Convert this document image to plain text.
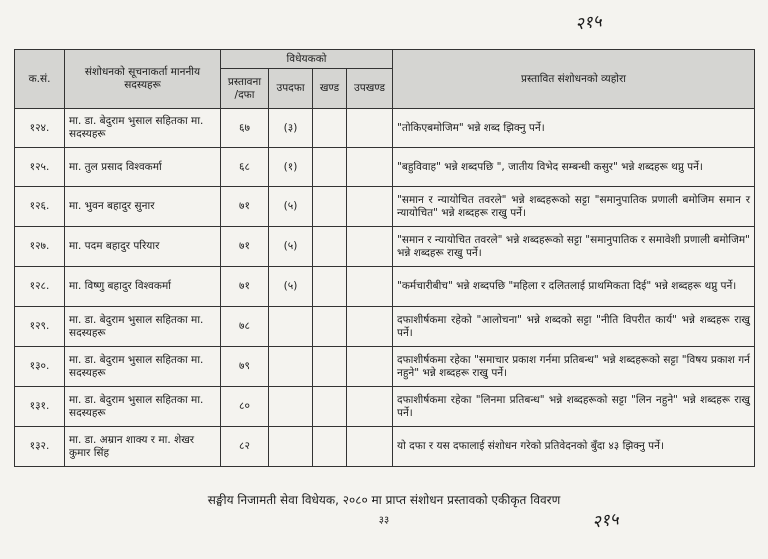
२१५
क.सं.	संशोधनको सूचनाकर्ता माननीय सदस्यहरू	विधेयकको				प्रस्तावित संशोधनको व्यहोरा
		प्रस्तावना /दफा	उपदफा	खण्ड	उपखण्ड	
१२४.	मा. डा. बेदुराम भुसाल सहितका मा. सदस्यहरू	६७	(३)			"तोकिएबमोजिम" भन्ने शब्द झिक्नु पर्ने।
१२५.	मा. तुल प्रसाद विश्वकर्मा	६८	(१)			"बहुविवाह" भन्ने शब्दपछि ", जातीय विभेद सम्बन्धी कसुर" भन्ने शब्दहरू थप्नु पर्ने।
१२६.	मा. भुवन बहादुर सुनार	७१	(५)			"समान र न्यायोचित तवरले" भन्ने शब्दहरूको सट्टा "समानुपातिक प्रणाली बमोजिम समान र न्यायोचित" भन्ने शब्दहरू राखु पर्ने।
१२७.	मा. पदम बहादुर परियार	७१	(५)			"समान र न्यायोचित तवरले" भन्ने शब्दहरूको सट्टा "समानुपातिक र समावेशी प्रणाली बमोजिम" भन्ने शब्दहरू राखु पर्ने।
१२८.	मा. विष्णु बहादुर विश्वकर्मा	७१	(५)			"कर्मचारीबीच" भन्ने शब्दपछि "महिला र दलितलाई प्राथमिकता दिई" भन्ने शब्दहरू थप्नु पर्ने।
१२९.	मा. डा. बेदुराम भुसाल सहितका मा. सदस्यहरू	७८				दफाशीर्षकमा रहेको "आलोचना" भन्ने शब्दको सट्टा "नीति विपरीत कार्य" भन्ने शब्दहरू राखु पर्ने।
१३०.	मा. डा. बेदुराम भुसाल सहितका मा. सदस्यहरू	७९				दफाशीर्षकमा रहेका "समाचार प्रकाश गर्नमा प्रतिबन्ध" भन्ने शब्दहरूको सट्टा "विषय प्रकाश गर्न नहुने" भन्ने शब्दहरू राखु पर्ने।
१३१.	मा. डा. बेदुराम भुसाल सहितका मा. सदस्यहरू	८०				दफाशीर्षकमा रहेका "लिनमा प्रतिबन्ध" भन्ने शब्दहरूको सट्टा "लिन नहुने" भन्ने शब्दहरू राखु पर्ने।
१३२.	मा. डा. अम्रान शाक्य र मा. शेखर कुमार सिंह	८२				यो दफा र यस दफालाई संशोधन गरेको प्रतिवेदनको बुँदा ४३ झिक्नु पर्ने।
सङ्घीय निजामती सेवा विधेयक, २०८० मा प्राप्त संशोधन प्रस्तावको एकीकृत विवरण
३३	२१५
